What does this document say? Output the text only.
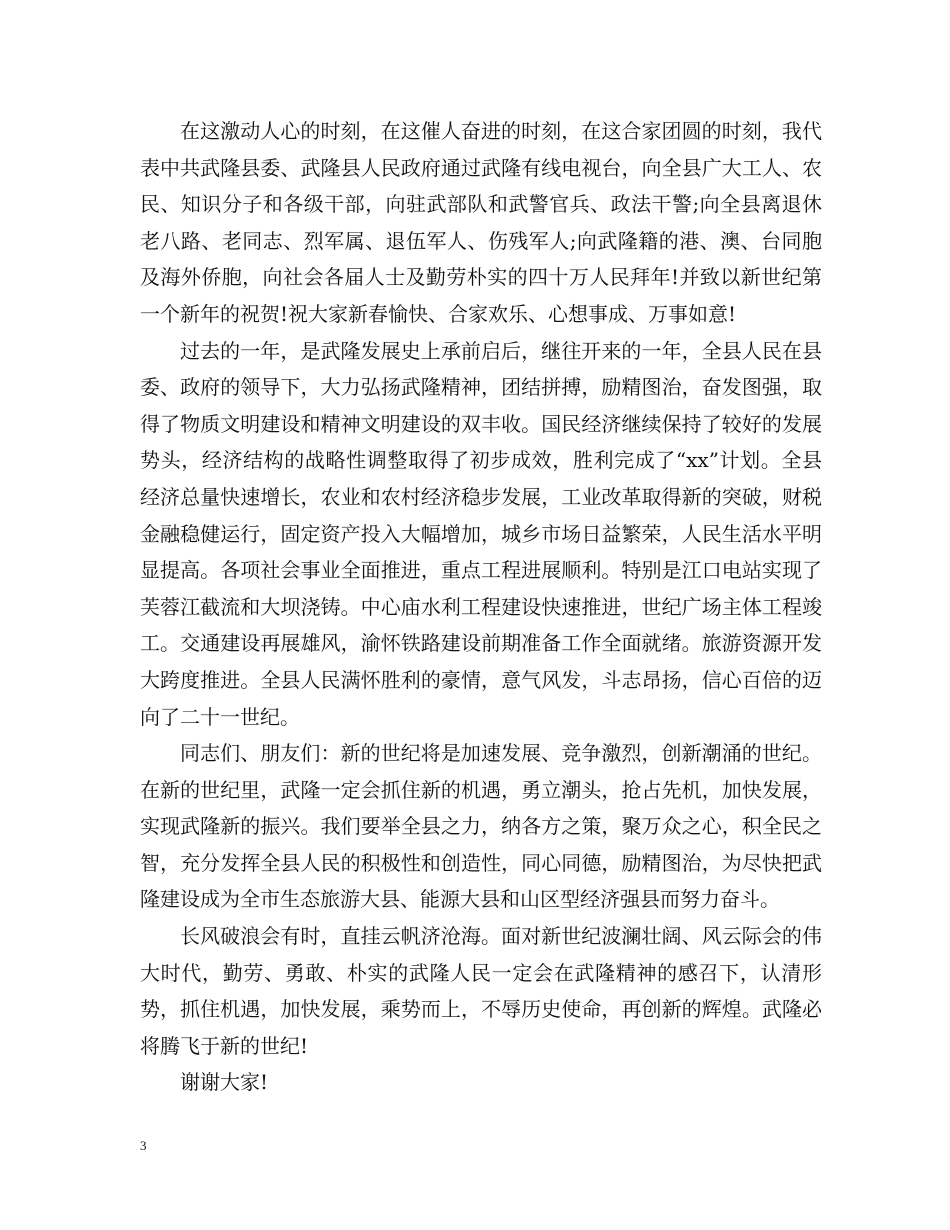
在这激动人心的时刻，在这催人奋进的时刻，在这合家团圆的时刻，我代表中共武隆县委、武隆县人民政府通过武隆有线电视台，向全县广大工人、农民、知识分子和各级干部，向驻武部队和武警官兵、政法干警;向全县离退休老八路、老同志、烈军属、退伍军人、伤残军人;向武隆籍的港、澳、台同胞及海外侨胞，向社会各届人士及勤劳朴实的四十万人民拜年!并致以新世纪第一个新年的祝贺!祝大家新春愉快、合家欢乐、心想事成、万事如意!

过去的一年，是武隆发展史上承前启后，继往开来的一年，全县人民在县委、政府的领导下，大力弘扬武隆精神，团结拼搏，励精图治，奋发图强，取得了物质文明建设和精神文明建设的双丰收。国民经济继续保持了较好的发展势头，经济结构的战略性调整取得了初步成效，胜利完成了“xx”计划。全县经济总量快速增长，农业和农村经济稳步发展，工业改革取得新的突破，财税金融稳健运行，固定资产投入大幅增加，城乡市场日益繁荣，人民生活水平明显提高。各项社会事业全面推进，重点工程进展顺利。特别是江口电站实现了芙蓉江截流和大坝浇铸。中心庙水利工程建设快速推进，世纪广场主体工程竣工。交通建设再展雄风，渝怀铁路建设前期准备工作全面就绪。旅游资源开发大跨度推进。全县人民满怀胜利的豪情，意气风发，斗志昂扬，信心百倍的迈向了二十一世纪。

同志们、朋友们：新的世纪将是加速发展、竞争激烈，创新潮涌的世纪。在新的世纪里，武隆一定会抓住新的机遇，勇立潮头，抢占先机，加快发展，实现武隆新的振兴。我们要举全县之力，纳各方之策，聚万众之心，积全民之智，充分发挥全县人民的积极性和创造性，同心同德，励精图治，为尽快把武隆建设成为全市生态旅游大县、能源大县和山区型经济强县而努力奋斗。

长风破浪会有时，直挂云帆济沧海。面对新世纪波澜壮阔、风云际会的伟大时代，勤劳、勇敢、朴实的武隆人民一定会在武隆精神的感召下，认清形势，抓住机遇，加快发展，乘势而上，不辱历史使命，再创新的辉煌。武隆必将腾飞于新的世纪!

谢谢大家!

3
